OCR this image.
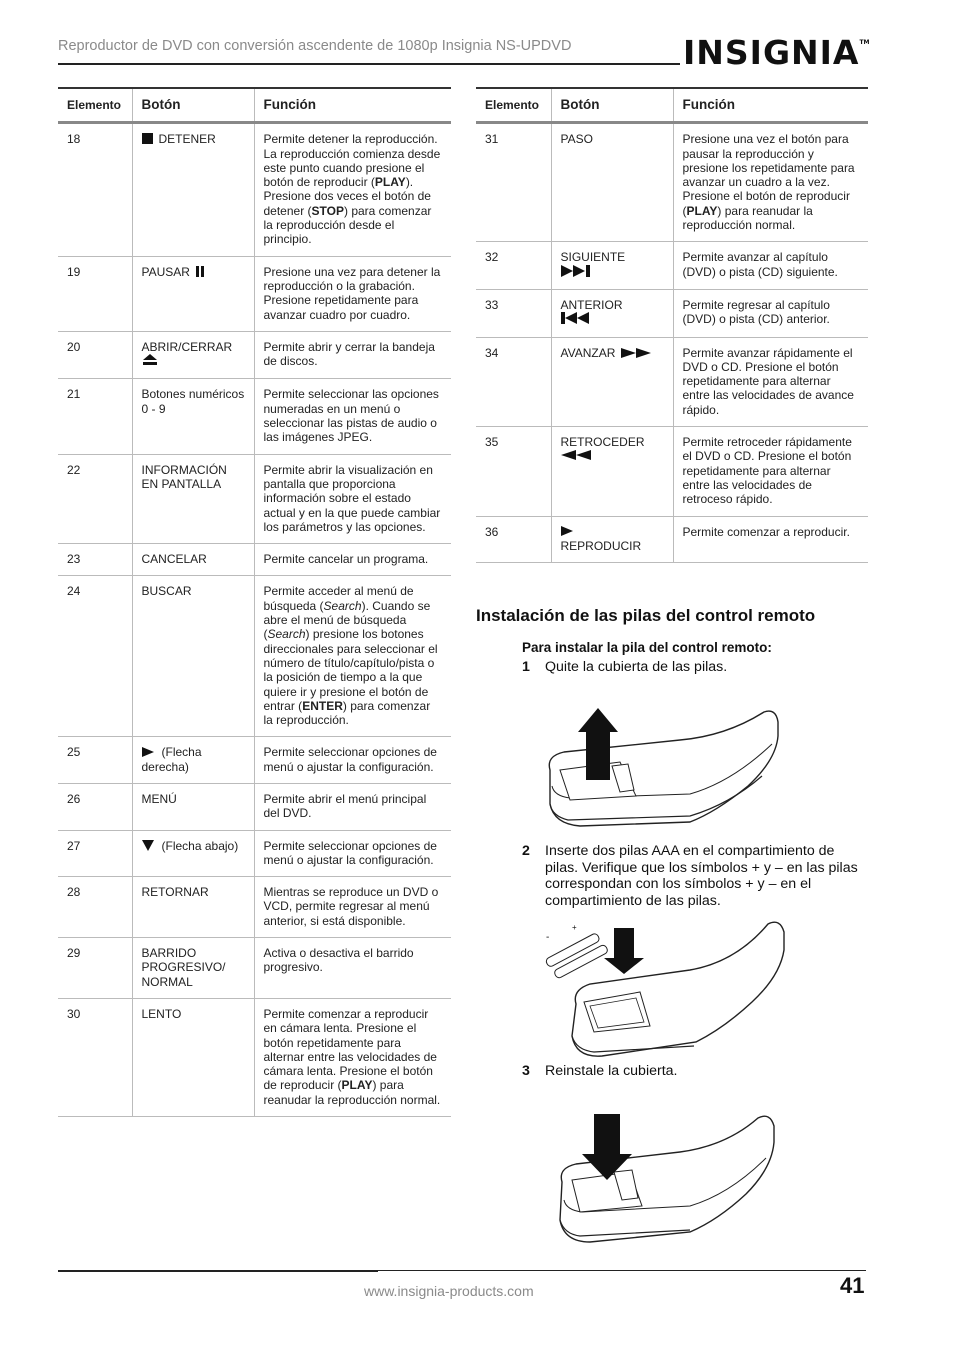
Reproductor de DVD con conversión ascendente de 1080p Insignia NS-UPDVD	INSIGNIA™
Elemento	Botón	Función
18	DETENER	Permite detener la reproducción. La reproducción comienza desde este punto cuando presione el botón de reproducir (PLAY). Presione dos veces el botón de detener (STOP) para comenzar la reproducción desde el principio.
19	PAUSAR	Presione una vez para detener la reproducción o la grabación. Presione repetidamente para avanzar cuadro por cuadro.
20	ABRIR/CERRAR	Permite abrir y cerrar la bandeja de discos.
21	Botones numéricos 0 - 9	Permite seleccionar las opciones numeradas en un menú o seleccionar las pistas de audio o las imágenes JPEG.
22	INFORMACIÓN EN PANTALLA	Permite abrir la visualización en pantalla que proporciona información sobre el estado actual y en la que puede cambiar los parámetros y las opciones.
23	CANCELAR	Permite cancelar un programa.
24	BUSCAR	Permite acceder al menú de búsqueda (Search). Cuando se abre el menú de búsqueda (Search) presione los botones direccionales para seleccionar el número de título/capítulo/pista o la posición de tiempo a la que quiere ir y presione el botón de entrar (ENTER) para comenzar la reproducción.
25	(Flecha derecha)	Permite seleccionar opciones de menú o ajustar la configuración.
26	MENÚ	Permite abrir el menú principal del DVD.
27	(Flecha abajo)	Permite seleccionar opciones de menú o ajustar la configuración.
28	RETORNAR	Mientras se reproduce un DVD o VCD, permite regresar al menú anterior, si está disponible.
29	BARRIDO PROGRESIVO/ NORMAL	Activa o desactiva el barrido progresivo.
30	LENTO	Permite comenzar a reproducir en cámara lenta. Presione el botón repetidamente para alternar entre las velocidades de cámara lenta. Presione el botón de reproducir (PLAY) para reanudar la reproducción normal.
Elemento	Botón	Función
31	PASO	Presione una vez el botón para pausar la reproducción y presione los repetidamente para avanzar un cuadro a la vez. Presione el botón de reproducir (PLAY) para reanudar la reproducción normal.
32	SIGUIENTE	Permite avanzar al capítulo (DVD) o pista (CD) siguiente.
33	ANTERIOR	Permite regresar al capítulo (DVD) o pista (CD) anterior.
34	AVANZAR	Permite avanzar rápidamente el DVD o CD. Presione el botón repetidamente para alternar entre las velocidades de avance rápido.
35	RETROCEDER	Permite retroceder rápidamente el DVD o CD. Presione el botón repetidamente para alternar entre las velocidades de retroceso rápido.
36	REPRODUCIR	Permite comenzar a reproducir.
Instalación de las pilas del control remoto
Para instalar la pila del control remoto:
1 Quite la cubierta de las pilas.
2 Inserte dos pilas AAA en el compartimiento de pilas. Verifique que los símbolos + y – en las pilas correspondan con los símbolos + y – en el compartimiento de las pilas.
-
+
3 Reinstale la cubierta.
www.insignia-products.com	41
